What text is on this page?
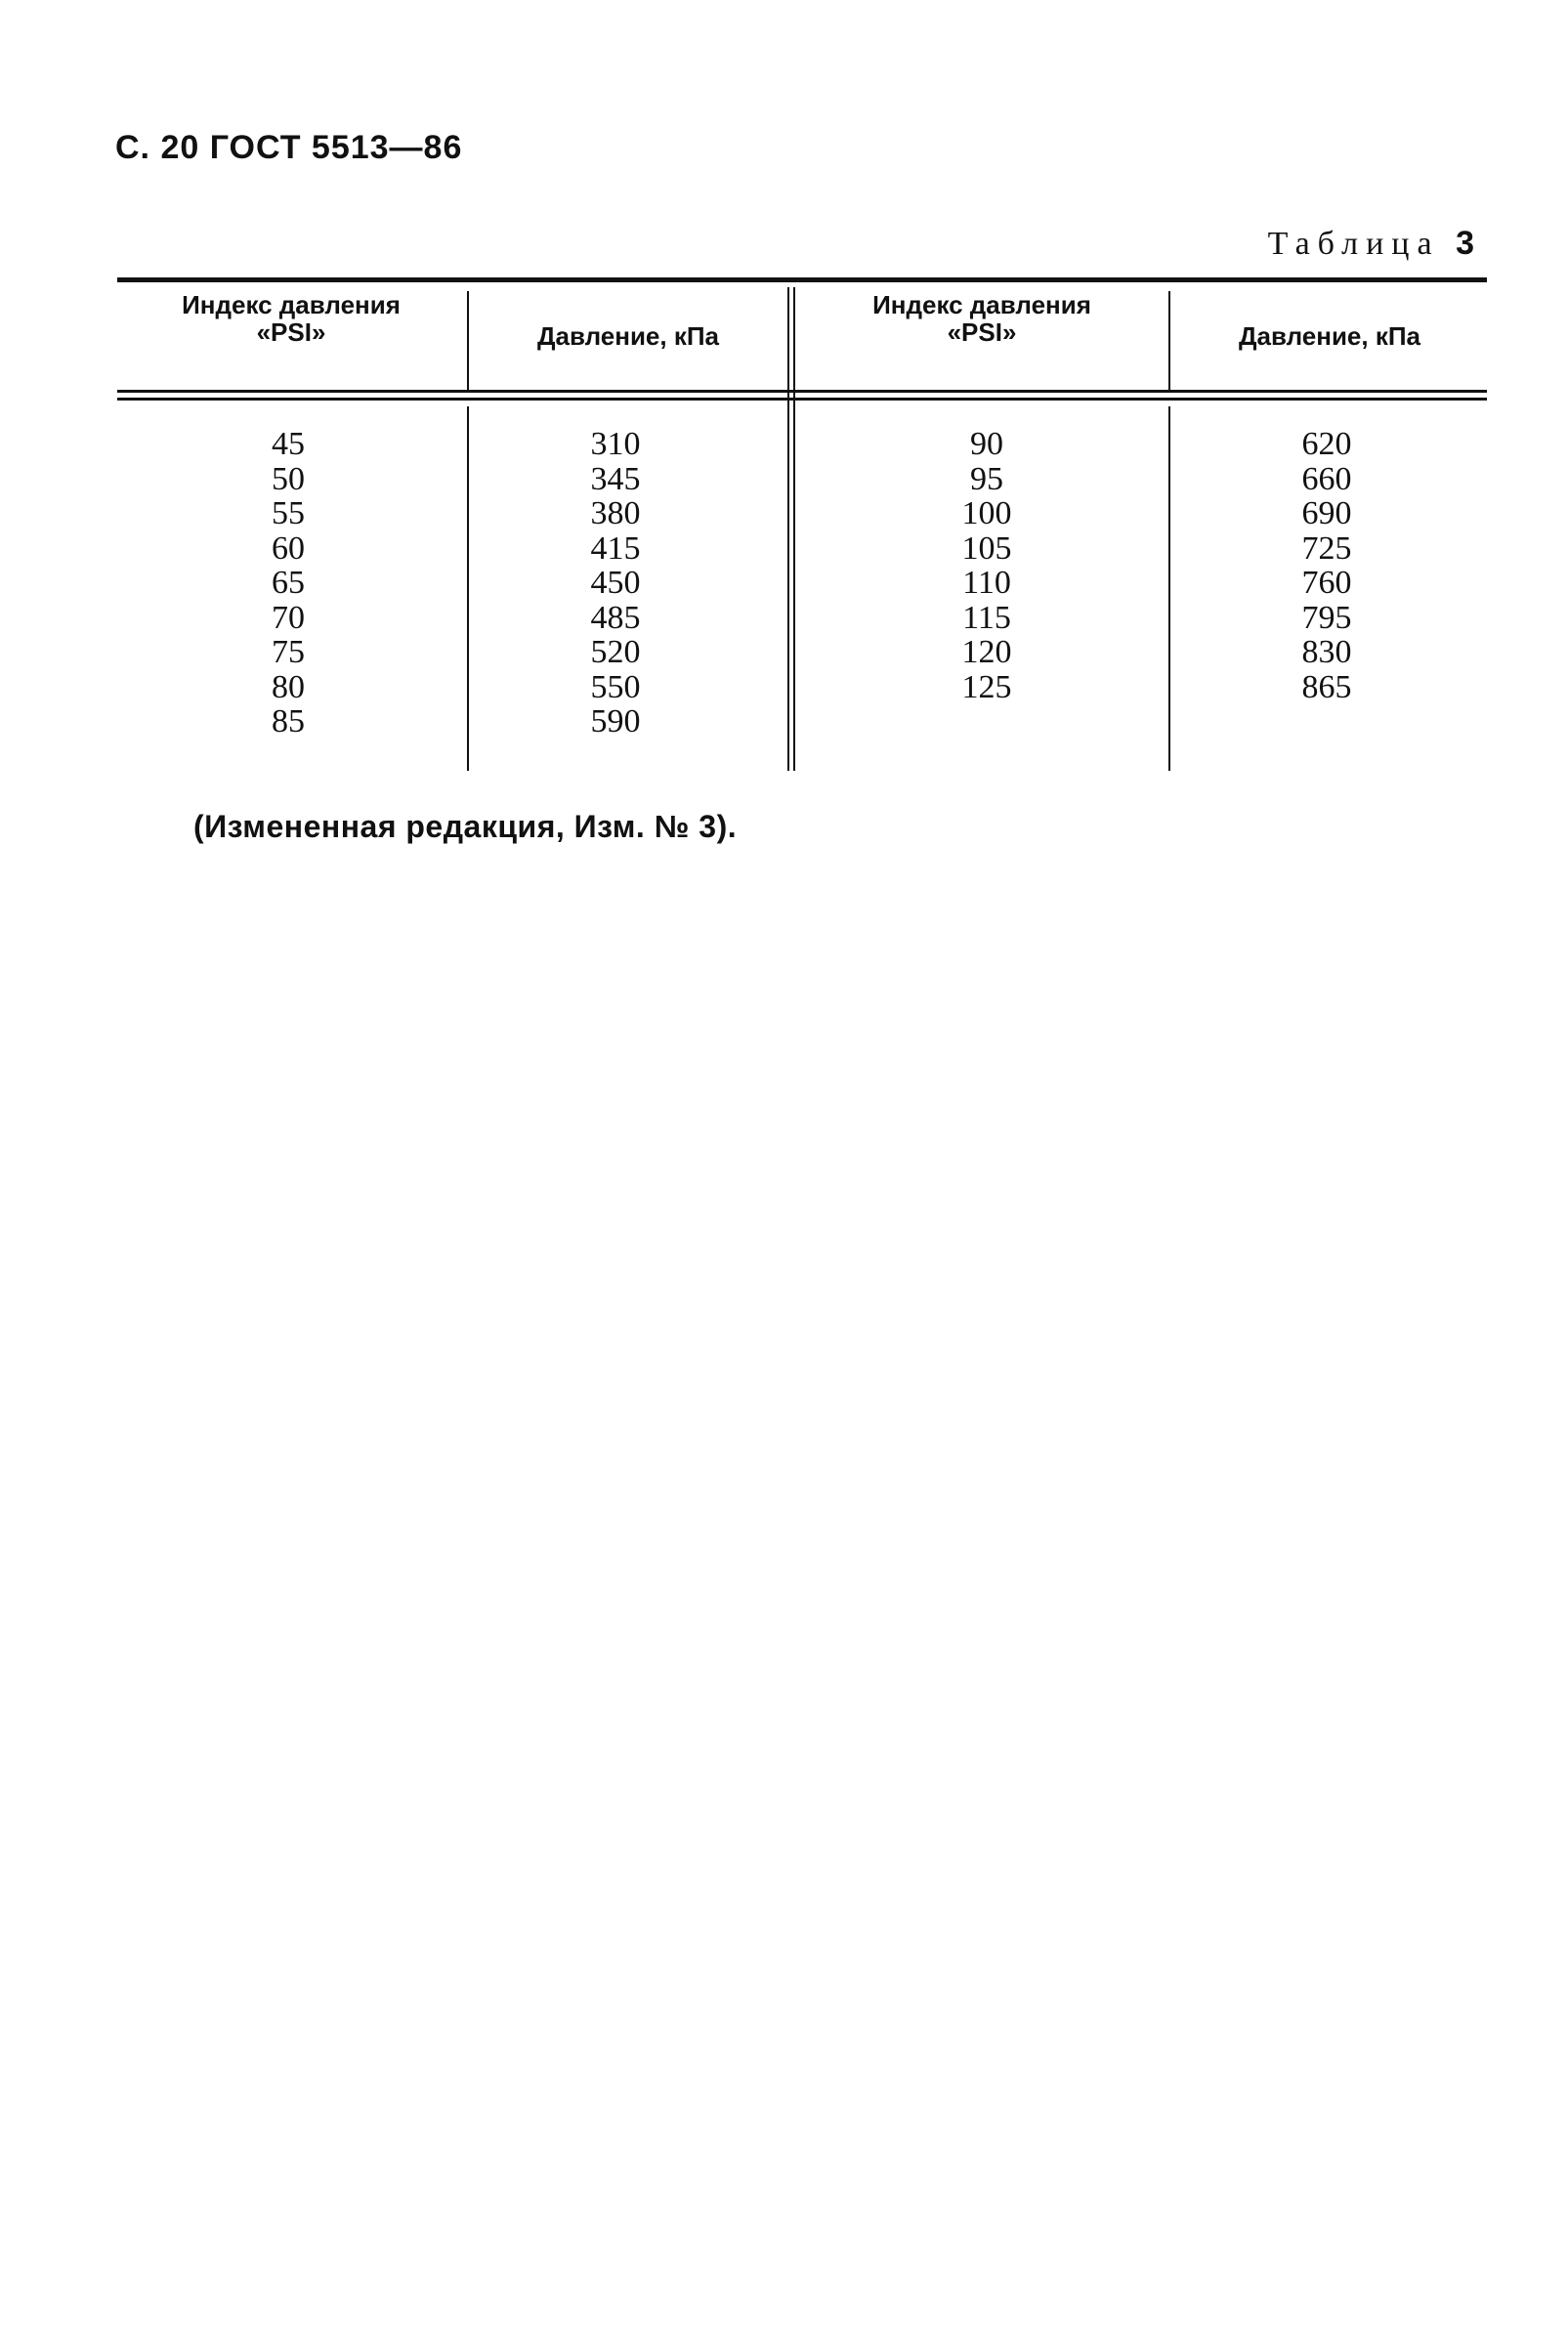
С. 20 ГОСТ 5513—86
Таблица 3
Индекс давления
«PSI»	Давление, кПа
Индекс давления
«PSI»	Давление, кПа
45
50
55
60
65
70
75
80
85
310
345
380
415
450
485
520
550
590
90
95
100
105
110
115
120
125
620
660
690
725
760
795
830
865
(Измененная редакция, Изм. № 3).
